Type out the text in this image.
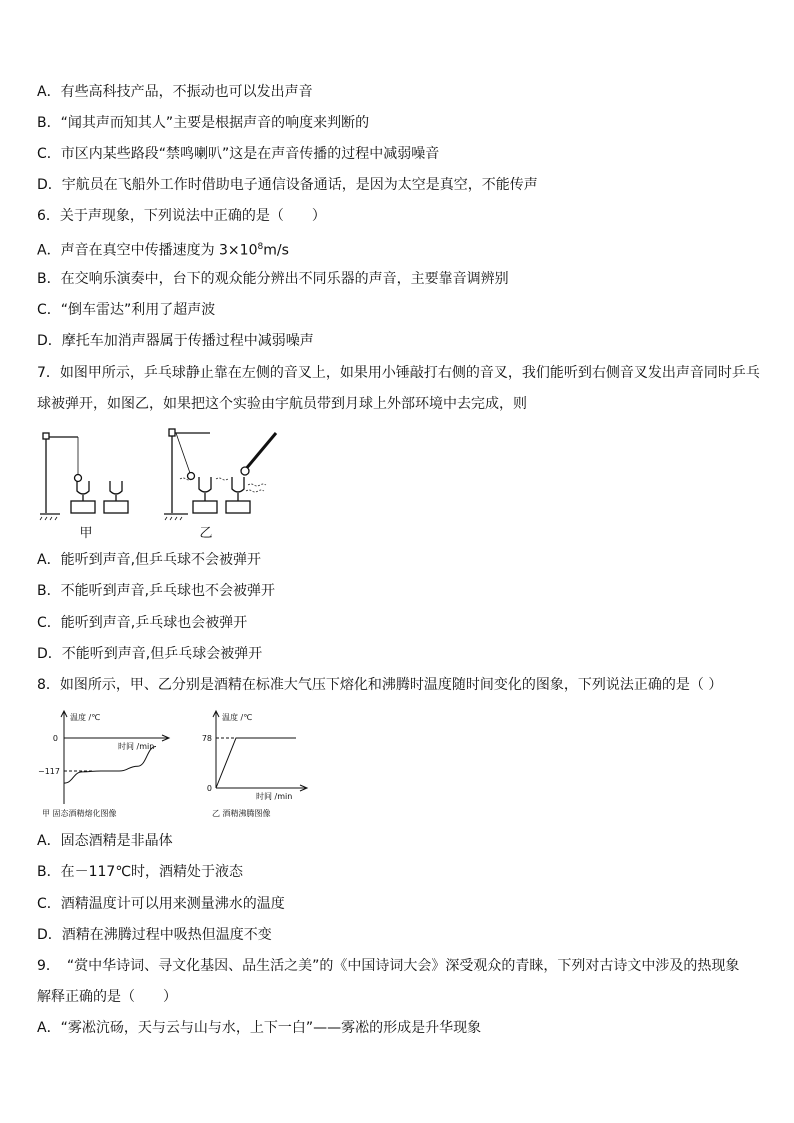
A．有些高科技产品，不振动也可以发出声音
B．“闻其声而知其人”主要是根据声音的响度来判断的
C．市区内某些路段“禁鸣喇叭”这是在声音传播的过程中减弱噪音
D．宇航员在飞船外工作时借助电子通信设备通话，是因为太空是真空，不能传声
6．关于声现象，下列说法中正确的是（　　）
A．声音在真空中传播速度为 $3\times 10^8m/s$
B．在交响乐演奏中，台下的观众能分辨出不同乐器的声音，主要靠音调辨别
C．“倒车雷达”利用了超声波
D．摩托车加消声器属于传播过程中减弱噪声
7．如图甲所示，乒乓球静止靠在左侧的音叉上，如果用小锤敲打右侧的音叉，我们能听到右侧音叉发出声音同时乒乓
球被弹开，如图乙，如果把这个实验由宇航员带到月球上外部环境中去完成，则
甲	乙
A．能听到声音,但乒乓球不会被弹开
B．不能听到声音,乒乓球也不会被弹开
C．能听到声音,乒乓球也会被弹开
D．不能听到声音,但乒乓球会被弹开
8．如图所示，甲、乙分别是酒精在标准大气压下熔化和沸腾时温度随时间变化的图象，下列说法正确的是（ ）
温度 /℃
时间 /min
0
−117
甲 固态酒精熔化图像
温度 /℃
时间 /min
78
0
乙 酒精沸腾图像
A．固态酒精是非晶体
B．在－117℃时，酒精处于液态
C．酒精温度计可以用来测量沸水的温度
D．酒精在沸腾过程中吸热但温度不变
9．　“赏中华诗词、寻文化基因、品生活之美”的《中国诗词大会》深受观众的青睐，下列对古诗文中涉及的热现象
解释正确的是（　　）
A．“雾凇沆砀，天与云与山与水，上下一白”——雾凇的形成是升华现象
